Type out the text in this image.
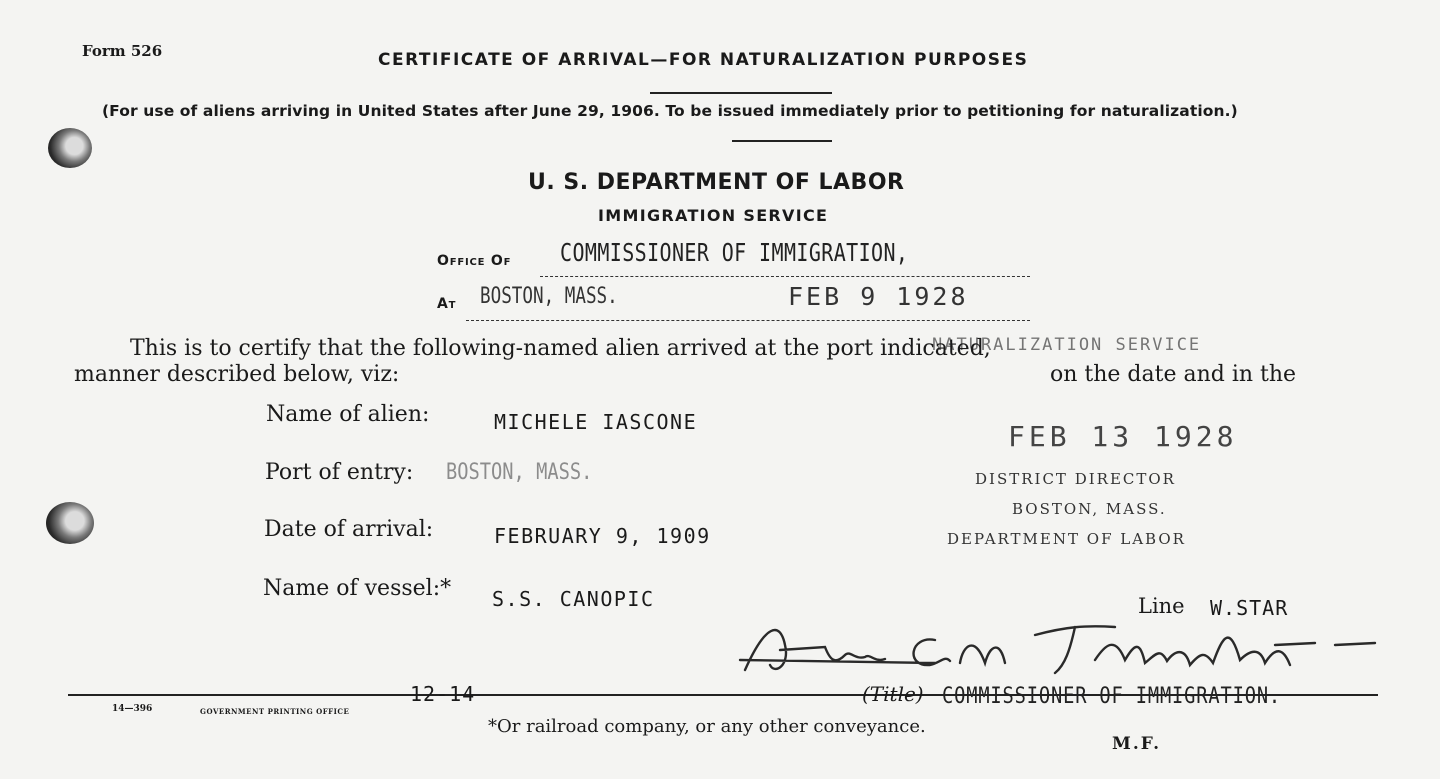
Form 526	CERTIFICATE OF ARRIVAL—FOR NATURALIZATION PURPOSES
(For use of aliens arriving in United States after June 29, 1906. To be issued immediately prior to petitioning for naturalization.)
U. S. DEPARTMENT OF LABOR
IMMIGRATION SERVICE
Office Of COMMISSIONER OF IMMIGRATION,
At BOSTON, MASS.	FEB 9 1928
NATURALIZATION SERVICE
This is to certify that the following-named alien arrived at the port indicated,
manner described below, viz:	on the date and in the
Name of alien:	MICHELE IASCONE
Port of entry: BOSTON, MASS.
Date of arrival:	FEBRUARY 9, 1909
Name of vessel:* S.S. CANOPIC
FEB 13 1928
DISTRICT DIRECTOR
BOSTON, MASS.
DEPARTMENT OF LABOR
Line W.STAR
12-14
14—396	GOVERNMENT PRINTING OFFICE
(Title) COMMISSIONER OF IMMIGRATION.
*Or railroad company, or any other conveyance.
M.F.
